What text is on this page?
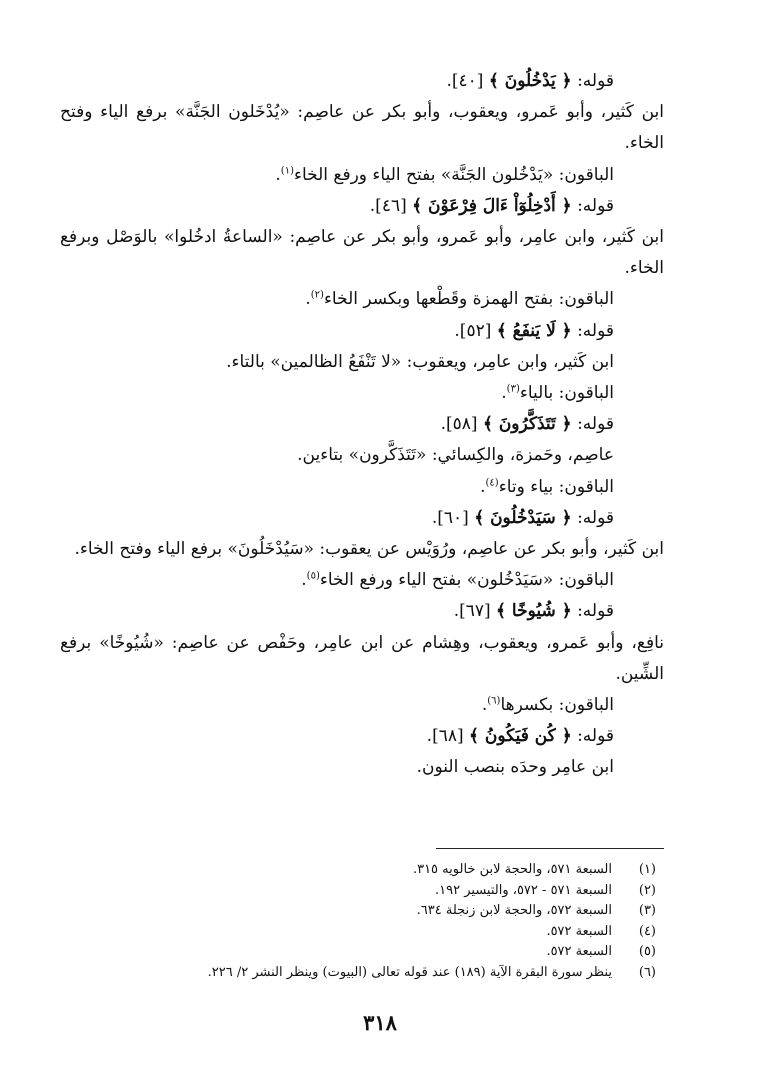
قوله: ﴿ يَدْخُلُونَ ﴾ [٤٠].

ابن كَثير، وأبو عَمرو، ويعقوب، وأبو بكر عن عاصِم: «يُدْخَلون الجَنَّة» برفع الياء وفتح الخاء.

الباقون: «يَدْخُلون الجَنَّة» بفتح الياء ورفع الخاء$^{(١)}$.

قوله: ﴿ أَدْخِلُوٓاْ ءَالَ فِرْعَوْنَ ﴾ [٤٦].

ابن كَثير، وابن عامِر، وأبو عَمرو، وأبو بكر عن عاصِم: «الساعةُ ادخُلوا» بالوَصْل وبرفع الخاء.

الباقون: بفتح الهمزة وقَطْعها وبكسر الخاء$^{(٢)}$.

قوله: ﴿ لَا يَنفَعُ ﴾ [٥٢].

ابن كَثير، وابن عامِر، ويعقوب: «لا تَنْفَعُ الظالمين» بالتاء.

الباقون: بالياء$^{(٣)}$.

قوله: ﴿ تَتَذَكَّرُونَ ﴾ [٥٨].

عاصِم، وحَمزة، والكِسائي: «تَتَذَكَّرون» بتاءين.

الباقون: بياء وتاء$^{(٤)}$.

قوله: ﴿ سَيَدْخُلُونَ ﴾ [٦٠].

ابن كَثير، وأبو بكر عن عاصِم، ورُوَيْس عن يعقوب: «سَيُدْخَلُونَ» برفع الياء وفتح الخاء.

الباقون: «سَيَدْخُلون» بفتح الياء ورفع الخاء$^{(٥)}$.

قوله: ﴿ شُيُوخًا ﴾ [٦٧].

نافِع، وأبو عَمرو، ويعقوب، وهِشام عن ابن عامِر، وحَفْص عن عاصِم: «شُيُوخًا» برفع الشِّين.

الباقون: بكسرها$^{(٦)}$.

قوله: ﴿ كُن فَيَكُونُ ﴾ [٦٨].

ابن عامِر وحدَه بنصب النون.

(١)
السبعة ٥٧١، والحجة لابن خالويه ٣١٥.
(٢)
السبعة ٥٧١ - ٥٧٢، والتيسير ١٩٢.
(٣)
السبعة ٥٧٢، والحجة لابن زنجلة ٦٣٤.
(٤)
السبعة ٥٧٢.
(٥)
السبعة ٥٧٢.
(٦)
ينظر سورة البقرة الآية (١٨٩) عند قوله تعالى (البيوت) وينظر النشر ٢/ ٢٢٦.
٣١٨
